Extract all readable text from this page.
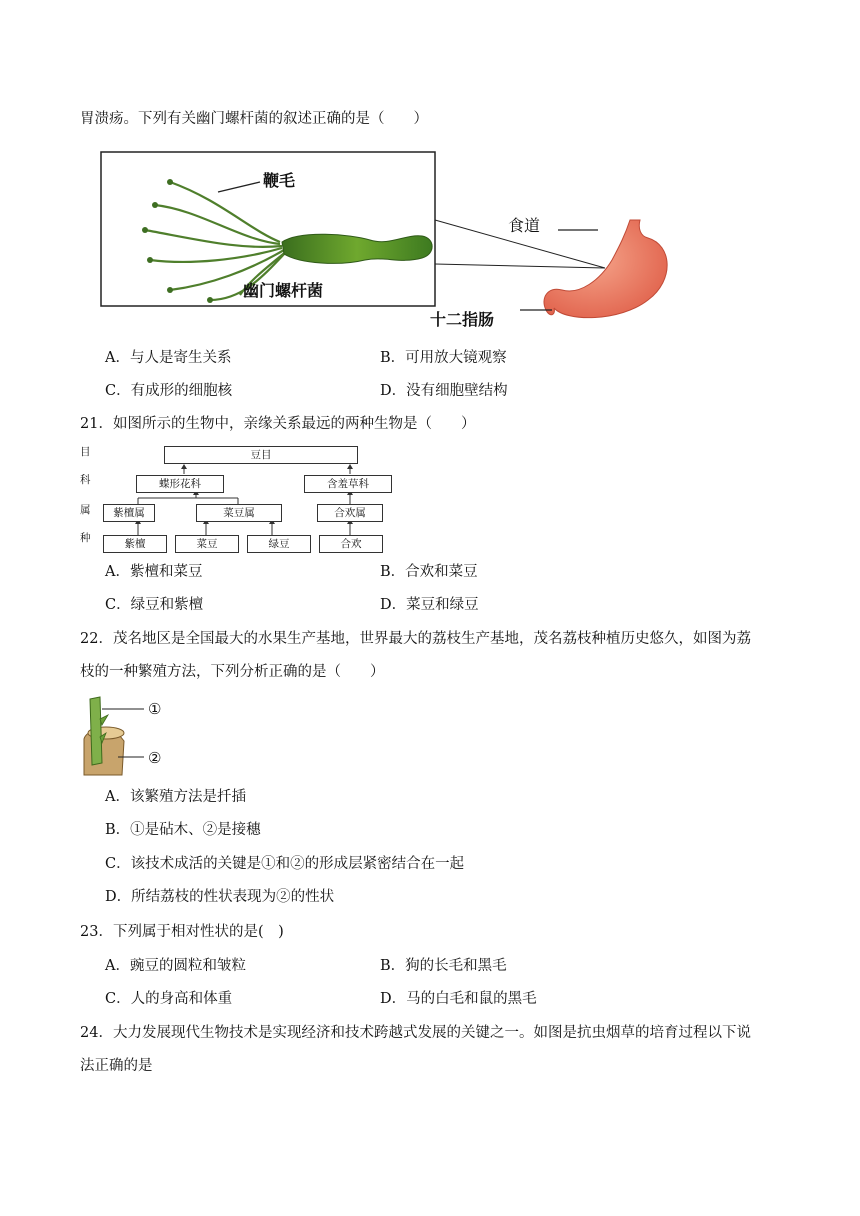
胃溃疡。下列有关幽门螺杆菌的叙述正确的是（　　）
鞭毛
幽门螺杆菌
食道
十二指肠
A．与人是寄生关系	B．可用放大镜观察
C．有成形的细胞核	D．没有细胞壁结构
21．如图所示的生物中，亲缘关系最远的两种生物是（　　）
目
科
属
种
豆目
蝶形花科	含羞草科
紫檀属	菜豆属	合欢属
紫檀	菜豆	绿豆	合欢
A．紫檀和菜豆	B．合欢和菜豆
C．绿豆和紫檀	D．菜豆和绿豆
22．茂名地区是全国最大的水果生产基地，世界最大的荔枝生产基地，茂名荔枝种植历史悠久，如图为荔
枝的一种繁殖方法，下列分析正确的是（　　）
①
②
A．该繁殖方法是扦插
B．①是砧木、②是接穗
C．该技术成活的关键是①和②的形成层紧密结合在一起
D．所结荔枝的性状表现为②的性状
23．下列属于相对性状的是(　)
A．豌豆的圆粒和皱粒	B．狗的长毛和黑毛
C．人的身高和体重	D．马的白毛和鼠的黑毛
24．大力发展现代生物技术是实现经济和技术跨越式发展的关键之一。如图是抗虫烟草的培育过程以下说
法正确的是
